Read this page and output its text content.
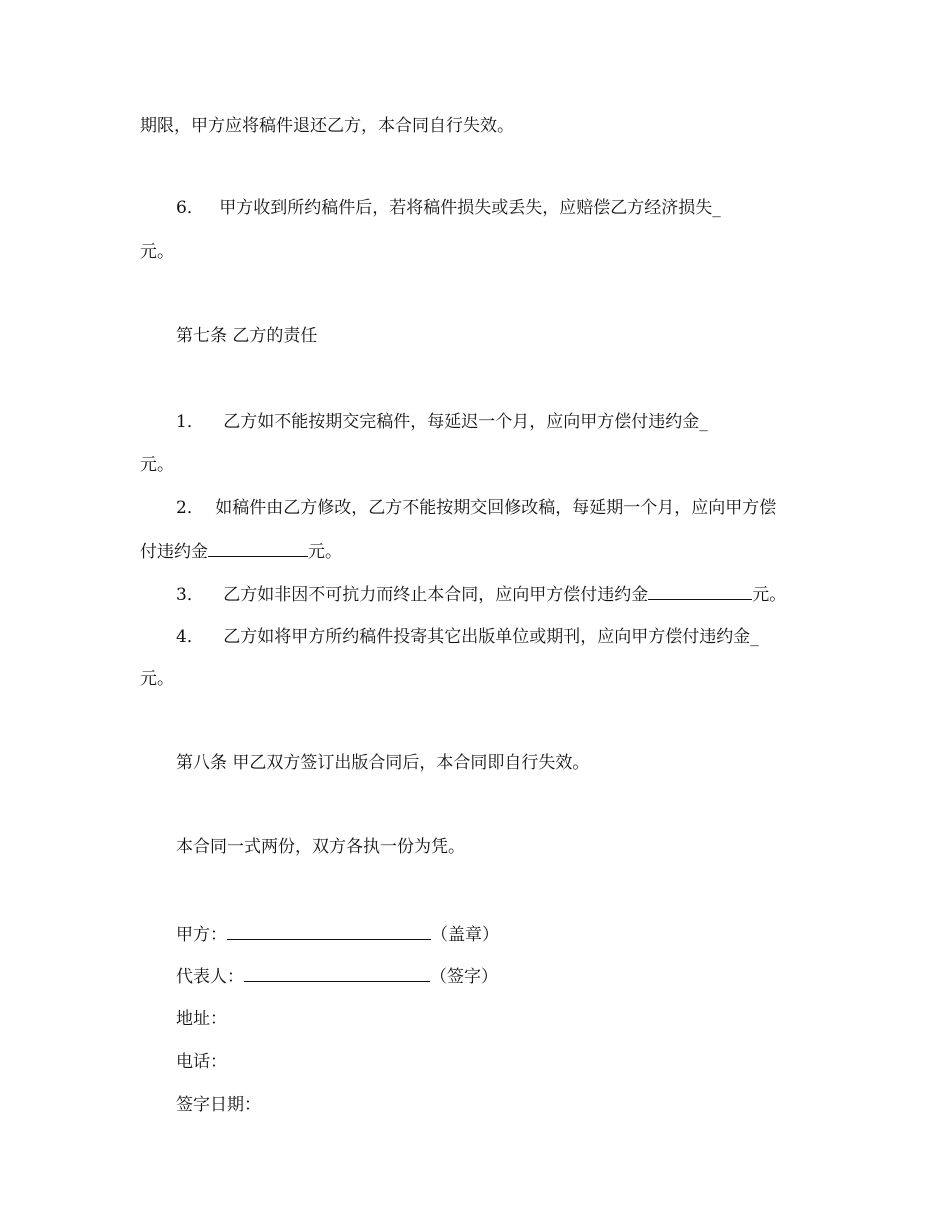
期限，甲方应将稿件退还乙方，本合同自行失效。
6． 甲方收到所约稿件后，若将稿件损失或丢失，应赔偿乙方经济损失_
元。
第七条 乙方的责任
1． 乙方如不能按期交完稿件，每延迟一个月，应向甲方偿付违约金_
元。
2． 如稿件由乙方修改，乙方不能按期交回修改稿，每延期一个月，应向甲方偿
付违约金	元。
3． 乙方如非因不可抗力而终止本合同，应向甲方偿付违约金	元。
4． 乙方如将甲方所约稿件投寄其它出版单位或期刊，应向甲方偿付违约金_
元。
第八条 甲乙双方签订出版合同后，本合同即自行失效。
本合同一式两份，双方各执一份为凭。
甲方：	（盖章）
代表人：	（签字）
地址：
电话：
签字日期：
